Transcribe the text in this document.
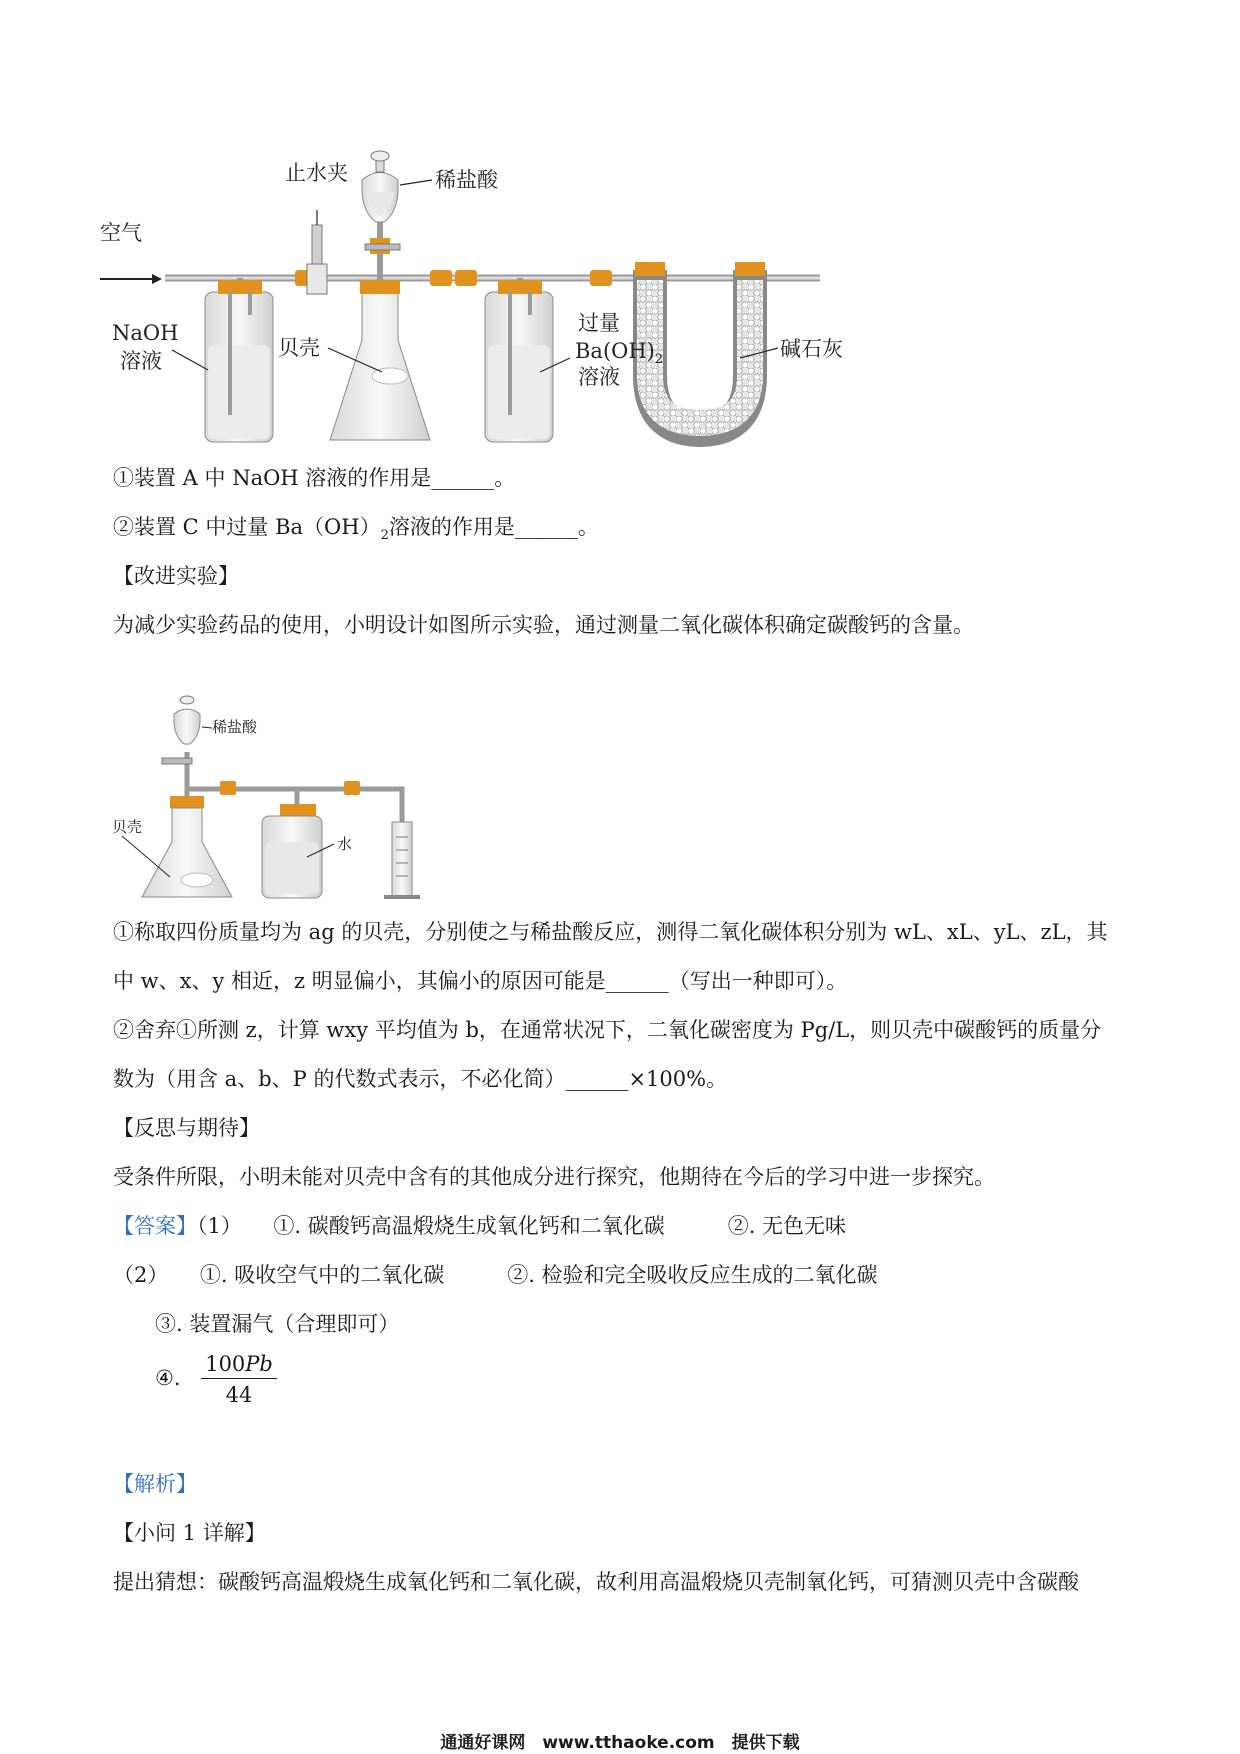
空气
止水夹	稀盐酸
NaOH
溶液
贝壳
过量
$Ba(OH)_2$
溶液
碱石灰
①装置 A 中 NaOH 溶液的作用是______。
②装置 C 中过量 $Ba(OH)_2$溶液的作用是______。
【改进实验】
为减少实验药品的使用，小明设计如图所示实验，通过测量二氧化碳体积确定碳酸钙的含量。
稀盐酸
贝壳
水
①称取四份质量均为 ag 的贝壳，分别使之与稀盐酸反应，测得二氧化碳体积分别为 wL、xL、yL、zL，其
中 w、x、y 相近，z 明显偏小，其偏小的原因可能是______（写出一种即可）。
②舍弃①所测 z，计算 wxy 平均值为 b，在通常状况下，二氧化碳密度为 Pg/L，则贝壳中碳酸钙的质量分
数为（用含 a、b、P 的代数式表示，不必化简）______×100%。
【反思与期待】
受条件所限，小明未能对贝壳中含有的其他成分进行探究，他期待在今后的学习中进一步探究。
【答案】（1）　　①. 碳酸钙高温煅烧生成氧化钙和二氧化碳　　　②. 无色无味
（2）　　①. 吸收空气中的二氧化碳　　　②. 检验和完全吸收反应生成的二氧化碳
③. 装置漏气（合理即可）
④. $\frac{100Pb}{44}$
【解析】
【小问 1 详解】
提出猜想：碳酸钙高温煅烧生成氧化钙和二氧化碳，故利用高温煅烧贝壳制氧化钙，可猜测贝壳中含碳酸
通通好课网　www.tthaoke.com　提供下载
